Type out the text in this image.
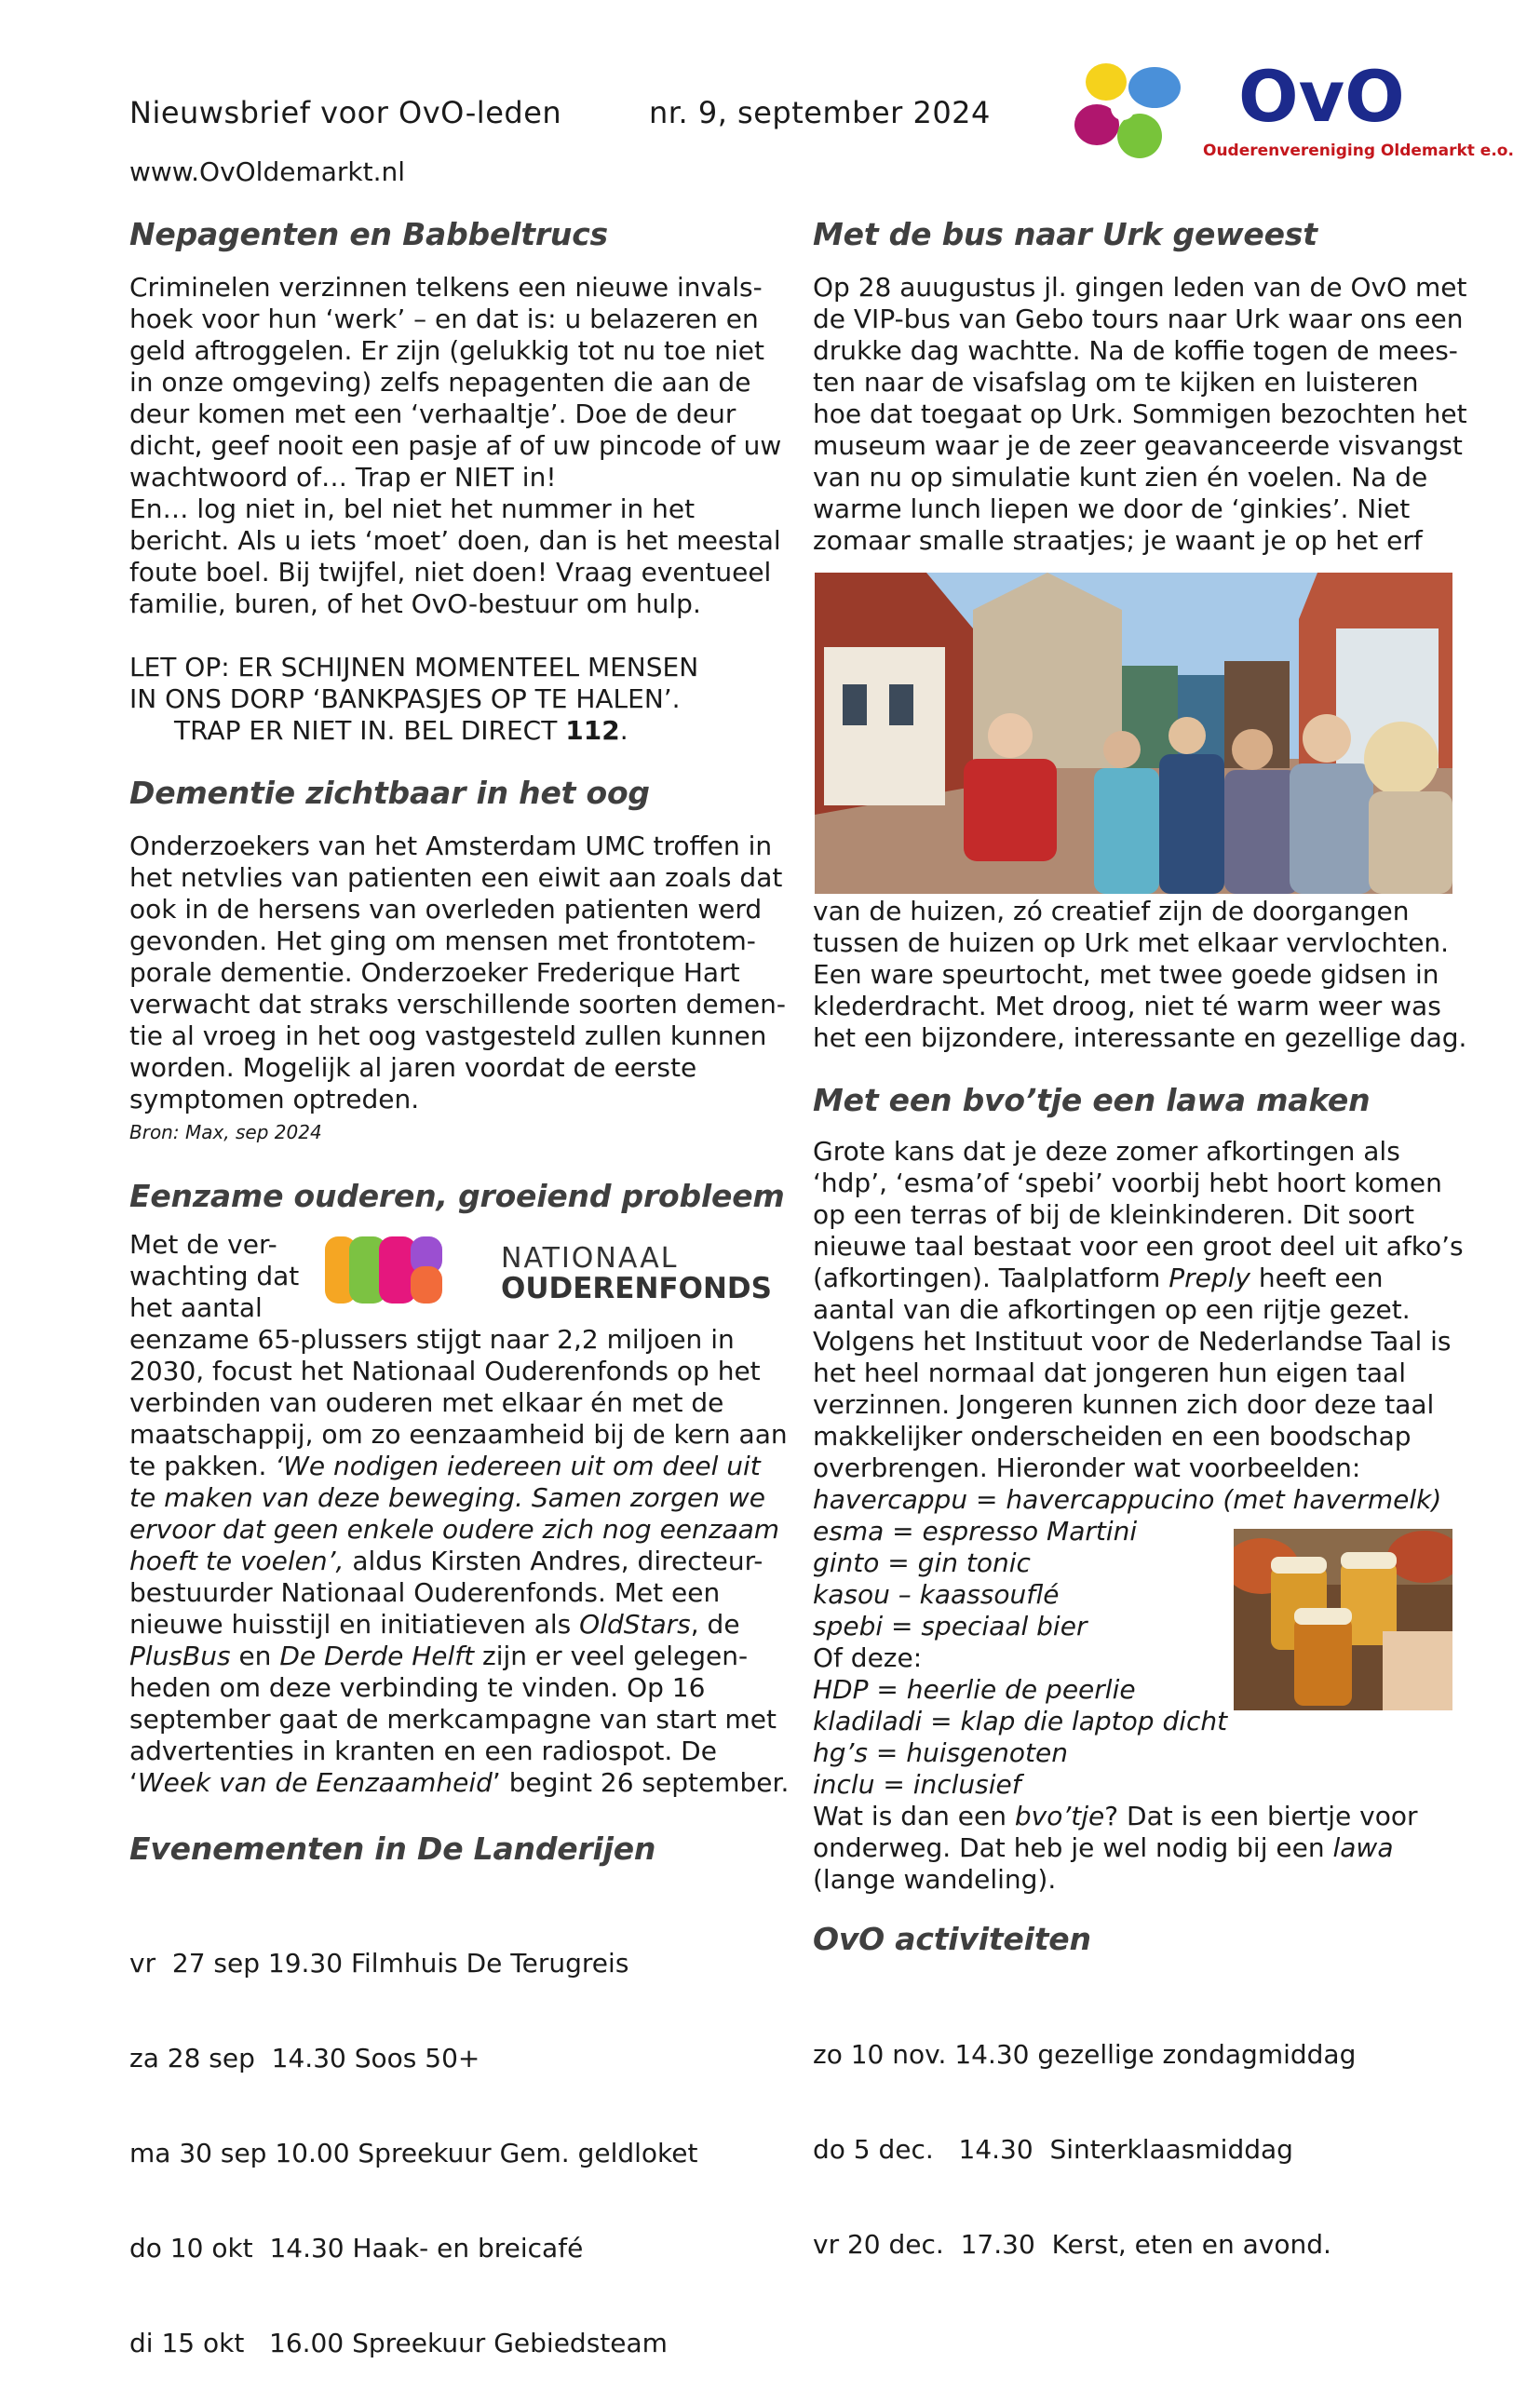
Nieuwsbrief voor OvO-leden	nr. 9, september 2024
www.OvOldemarkt.nl
OvO
Ouderenvereniging Oldemarkt e.o.
Nepagenten en Babbeltrucs

Criminelen verzinnen telkens een nieuwe invals-

hoek voor hun ‘werk’ – en dat is: u belazeren en

geld aftroggelen. Er zijn (gelukkig tot nu toe niet

in onze omgeving) zelfs nepagenten die aan de

deur komen met een ‘verhaaltje’. Doe de deur

dicht, geef nooit een pasje af of uw pincode of uw

wachtwoord of… Trap er NIET in!

En… log niet in, bel niet het nummer in het

bericht. Als u iets ‘moet’ doen, dan is het meestal

foute boel. Bij twijfel, niet doen! Vraag eventueel

familie, buren, of het OvO-bestuur om hulp.

LET OP: ER SCHIJNEN MOMENTEEL MENSEN

IN ONS DORP ‘BANKPASJES OP TE HALEN’.

TRAP ER NIET IN. BEL DIRECT 112.

Dementie zichtbaar in het oog

Onderzoekers van het Amsterdam UMC troffen in

het netvlies van patienten een eiwit aan zoals dat

ook in de hersens van overleden patienten werd

gevonden. Het ging om mensen met frontotem-

porale dementie. Onderzoeker Frederique Hart

verwacht dat straks verschillende soorten demen-

tie al vroeg in het oog vastgesteld zullen kunnen

worden. Mogelijk al jaren voordat de eerste

symptomen optreden.

Bron: Max, sep 2024
Eenzame ouderen, groeiend probleem

Met de ver-

wachting dat

het aantal

NATIONAAL
OUDERENFONDS

eenzame 65-plussers stijgt naar 2,2 miljoen in

2030, focust het Nationaal Ouderenfonds op het

verbinden van ouderen met elkaar én met de

maatschappij, om zo eenzaamheid bij de kern aan

te pakken. ‘We nodigen iedereen uit om deel uit

te maken van deze beweging. Samen zorgen we

ervoor dat geen enkele oudere zich nog eenzaam

hoeft te voelen’, aldus Kirsten Andres, directeur-

bestuurder Nationaal Ouderenfonds. Met een

nieuwe huisstijl en initiatieven als OldStars, de

PlusBus en De Derde Helft zijn er veel gelegen-

heden om deze verbinding te vinden. Op 16

september gaat de merkcampagne van start met

advertenties in kranten en een radiospot. De

‘Week van de Eenzaamheid’ begint 26 september.

Evenementen in De Landerijen

vr  27 sep 19.30 Filmhuis De Terugreis

za 28 sep  14.30 Soos 50+

ma 30 sep 10.00 Spreekuur Gem. geldloket

do 10 okt  14.30 Haak- en breicafé

di 15 okt   16.00 Spreekuur Gebiedsteam

Met de bus naar Urk geweest

Op 28 auugustus jl. gingen leden van de OvO met

de VIP-bus van Gebo tours naar Urk waar ons een

drukke dag wachtte. Na de koffie togen de mees-

ten naar de visafslag om te kijken en luisteren

hoe dat toegaat op Urk. Sommigen bezochten het

museum waar je de zeer geavanceerde visvangst

van nu op simulatie kunt zien én voelen. Na de

warme lunch liepen we door de ‘ginkies’. Niet

zomaar smalle straatjes; je waant je op het erf

van de huizen, zó creatief zijn de doorgangen

tussen de huizen op Urk met elkaar vervlochten.

Een ware speurtocht, met twee goede gidsen in

klederdracht. Met droog, niet té warm weer was

het een bijzondere, interessante en gezellige dag.

Met een bvo’tje een lawa maken

Grote kans dat je deze zomer afkortingen als

‘hdp’, ‘esma’of ‘spebi’ voorbij hebt hoort komen

op een terras of bij de kleinkinderen. Dit soort

nieuwe taal bestaat voor een groot deel uit afko’s

(afkortingen). Taalplatform Preply heeft een

aantal van die afkortingen op een rijtje gezet.

Volgens het Instituut voor de Nederlandse Taal is

het heel normaal dat jongeren hun eigen taal

verzinnen. Jongeren kunnen zich door deze taal

makkelijker onderscheiden en een boodschap

overbrengen. Hieronder wat voorbeelden:

havercappu = havercappucino (met havermelk)

esma = espresso Martini

ginto = gin tonic

kasou – kaassouflé

spebi = speciaal bier

Of deze:

HDP = heerlie de peerlie

kladiladi = klap die laptop dicht

hg’s = huisgenoten

inclu = inclusief

Wat is dan een bvo’tje? Dat is een biertje voor

onderweg. Dat heb je wel nodig bij een lawa

(lange wandeling).

OvO activiteiten

zo 10 nov. 14.30 gezellige zondagmiddag

do 5 dec.   14.30  Sinterklaasmiddag

vr 20 dec.  17.30  Kerst, eten en avond.
